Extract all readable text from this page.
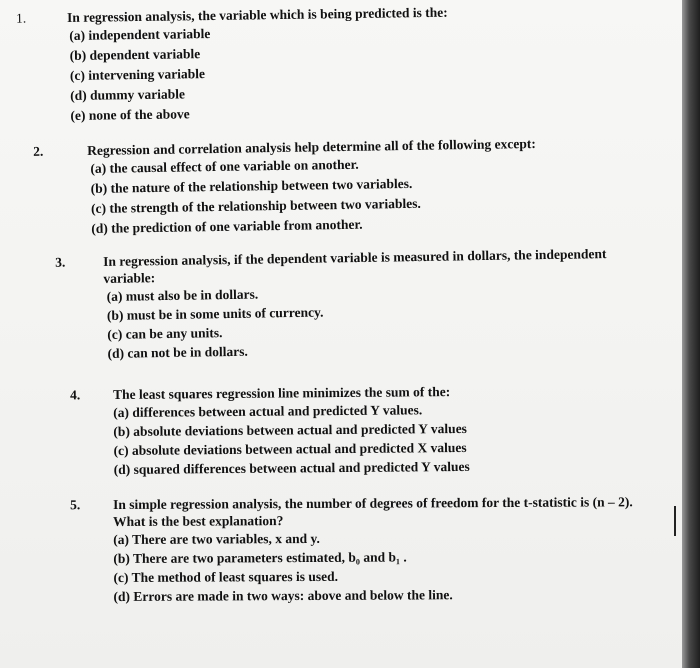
1.	In regression analysis, the variable which is being predicted is the:
(a) independent variable
(b) dependent variable
(c) intervening variable
(d) dummy variable
(e) none of the above
2.	Regression and correlation analysis help determine all of the following except:
(a) the causal effect of one variable on another.
(b) the nature of the relationship between two variables.
(c) the strength of the relationship between two variables.
(d) the prediction of one variable from another.
3.	In regression analysis, if the dependent variable is measured in dollars, the independent
variable:
(a) must also be in dollars.
(b) must be in some units of currency.
(c) can be any units.
(d) can not be in dollars.
4. The least squares regression line minimizes the sum of the:
(a) differences between actual and predicted Y values.
(b) absolute deviations between actual and predicted Y values
(c) absolute deviations between actual and predicted X values
(d) squared differences between actual and predicted Y values
5. In simple regression analysis, the number of degrees of freedom for the t-statistic is (n – 2).
What is the best explanation?
(a) There are two variables, x and y.
(b) There are two parameters estimated, b₀ and b₁ .
(c) The method of least squares is used.
(d) Errors are made in two ways: above and below the line.
